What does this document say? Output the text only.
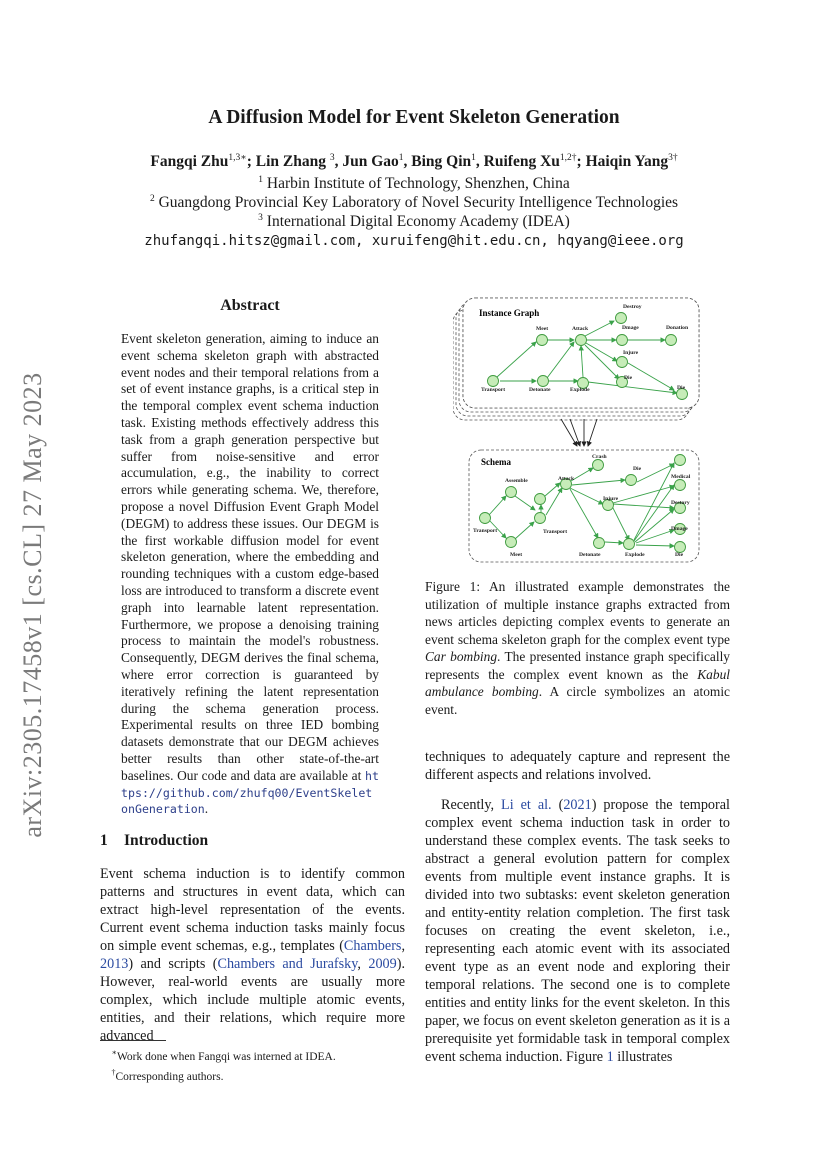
arXiv:2305.17458v1 [cs.CL] 27 May 2023
A Diffusion Model for Event Skeleton Generation
Fangqi Zhu$^{1,3∗}$; Lin Zhang $^3$, Jun Gao$^1$, Bing Qin$^1$, Ruifeng $Xu^{1,2\dagger}$; Haiqin Yang$^{3\dagger}$
$^1$ Harbin Institute of Technology, Shenzhen, China
$^2$ Guangdong Provincial Key Laboratory of Novel Security Intelligence Technologies
$^3$ International Digital Economy Academy (IDEA)
zhufangqi.hitsz@gmail.com, xuruifeng@hit.edu.cn, hqyang@ieee.org
Abstract
Event skeleton generation, aiming to induce an event schema skeleton graph with abstracted event nodes and their temporal relations from a set of event instance graphs, is a critical step in the temporal complex event schema induction task. Existing methods effectively address this task from a graph generation perspective but suffer from noise-sensitive and error accumulation, e.g., the inability to correct errors while generating schema. We, therefore, propose a novel Diffusion Event Graph Model (DEGM) to address these issues. Our DEGM is the first workable diffusion model for event skeleton generation, where the embedding and rounding techniques with a custom edge-based loss are introduced to transform a discrete event graph into learnable latent representation. Furthermore, we propose a denoising training process to maintain the model's robustness. Consequently, DEGM derives the final schema, where error correction is guaranteed by iteratively refining the latent representation during the schema generation process. Experimental results on three IED bombing datasets demonstrate that our DEGM achieves better results than other state-of-the-art baselines. Our code and data are available at https://github.com/zhufq00/EventSkeletonGeneration.
1 Introduction
Event schema induction is to identify common patterns and structures in event data, which can extract high-level representation of the events. Current event schema induction tasks mainly focus on simple event schemas, e.g., templates (Chambers, 2013) and scripts (Chambers and Jurafsky, 2009). However, real-world events are usually more complex, which include multiple atomic events, entities, and their relations, which require more advanced
∗Work done when Fangqi was interned at IDEA.
†Corresponding authors.
Instance Graph
Transport
Meet
Detonate
Attack
Explode
Destroy
Dmage	Donation
Injure
Die
Die
Schema
Transport
Assemble
Meet
Attack
Transport
Crash
Die
Injure
Detonate	Explode
Medical
Destory
Dmage
Die
Figure 1: An illustrated example demonstrates the utilization of multiple instance graphs extracted from news articles depicting complex events to generate an event schema skeleton graph for the complex event type Car bombing. The presented instance graph specifically represents the complex event known as the Kabul ambulance bombing. A circle symbolizes an atomic event.
techniques to adequately capture and represent the different aspects and relations involved.
Recently, Li et al. (2021) propose the temporal complex event schema induction task in order to understand these complex events. The task seeks to abstract a general evolution pattern for complex events from multiple event instance graphs. It is divided into two subtasks: event skeleton generation and entity-entity relation completion. The first task focuses on creating the event skeleton, i.e., representing each atomic event with its associated event type as an event node and exploring their temporal relations. The second one is to complete entities and entity links for the event skeleton. In this paper, we focus on event skeleton generation as it is a prerequisite yet formidable task in temporal complex event schema induction. Figure 1 illustrates
